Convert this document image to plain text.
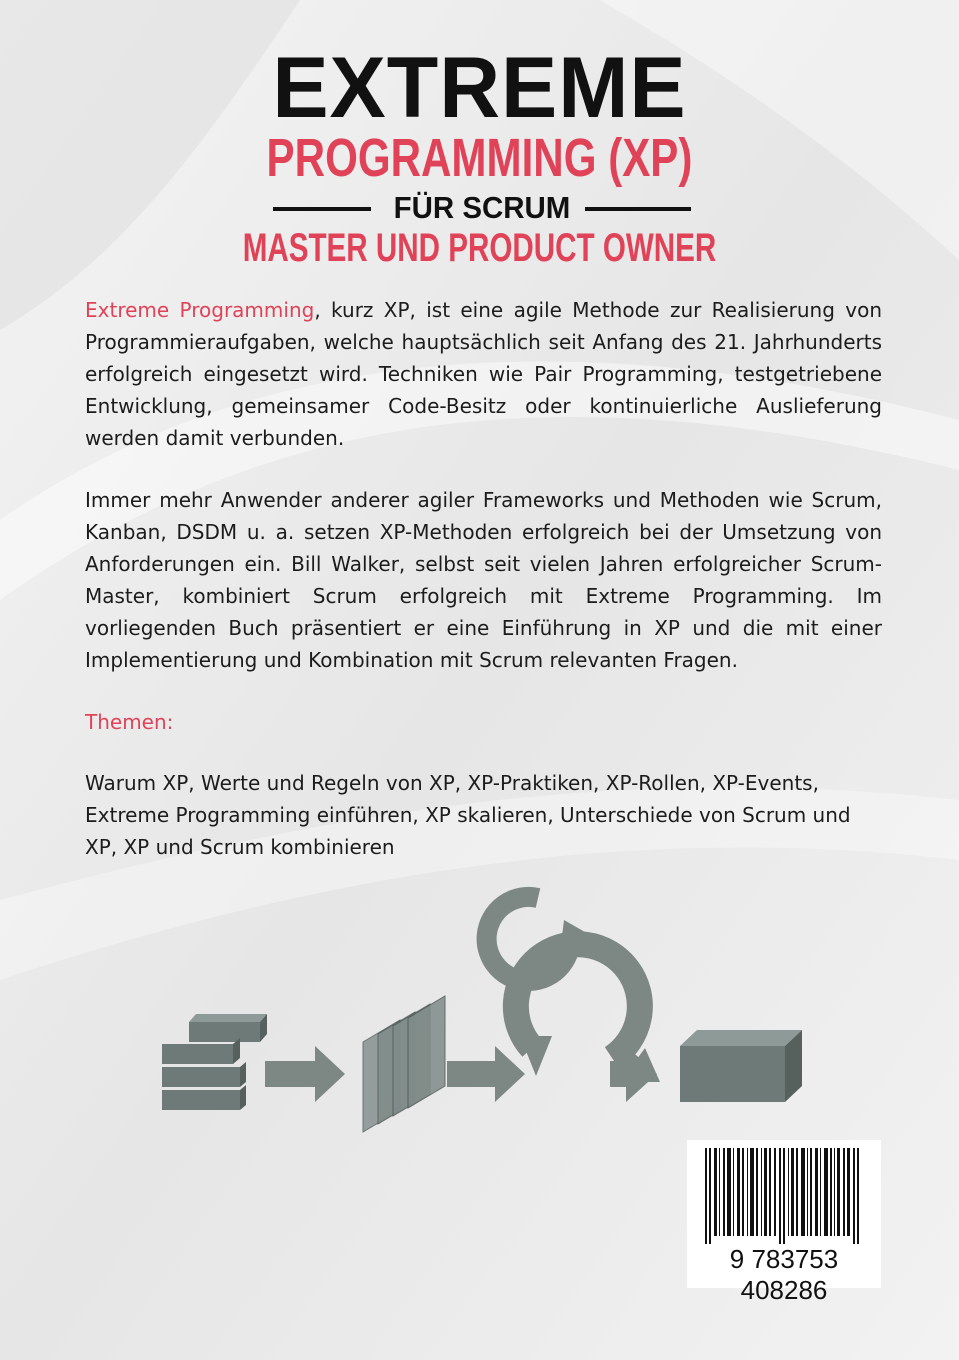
EXTREME
PROGRAMMING (XP)
FÜR SCRUM
MASTER UND PRODUCT OWNER
Extreme Programming, kurz XP, ist eine agile Methode zur Realisierung von Programmieraufgaben, welche hauptsächlich seit Anfang des 21. Jahrhunderts erfolgreich eingesetzt wird. Techniken wie Pair Programming, testgetriebene Entwicklung, gemeinsamer Code-Besitz oder kontinuierliche Auslieferung werden damit verbunden.
Immer mehr Anwender anderer agiler Frameworks und Methoden wie Scrum, Kanban, DSDM u. a. setzen XP-Methoden erfolgreich bei der Umsetzung von Anforderungen ein. Bill Walker, selbst seit vielen Jahren erfolgreicher Scrum-Master, kombiniert Scrum erfolgreich mit Extreme Programming. Im vorliegenden Buch präsentiert er eine Einführung in XP und die mit einer Implementierung und Kombination mit Scrum relevanten Fragen.
Themen:
Warum XP, Werte und Regeln von XP, XP-Praktiken, XP-Rollen, XP-Events, Extreme Programming einführen, XP skalieren, Unterschiede von Scrum und XP, XP und Scrum kombinieren
9 783753 408286
